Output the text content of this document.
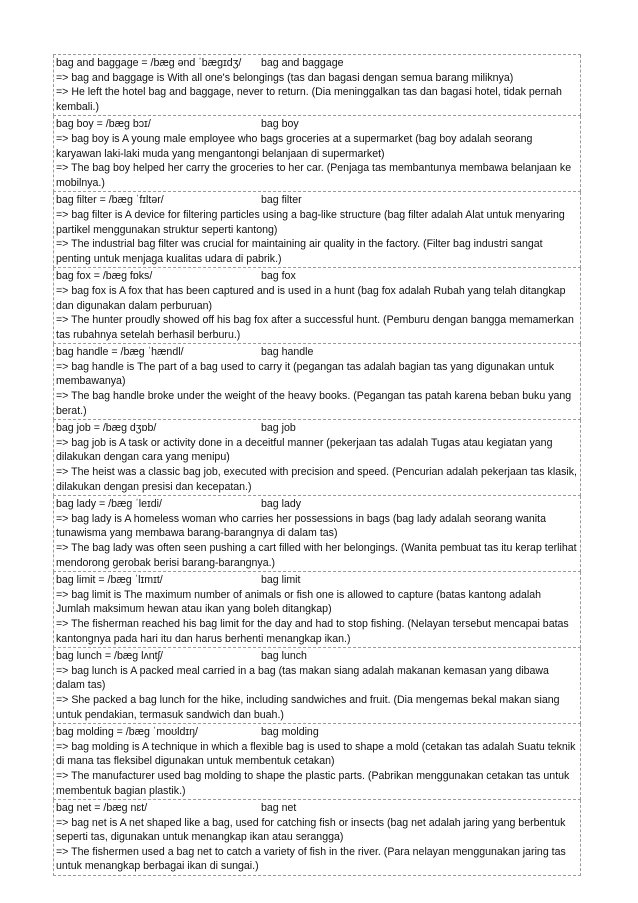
bag and baggage = /bæɡ ənd ˈbæɡɪdʒ/	bag and baggage
=> bag and baggage is With all one's belongings (tas dan bagasi dengan semua barang miliknya)
=> He left the hotel bag and baggage, never to return. (Dia meninggalkan tas dan bagasi hotel, tidak pernah kembali.)
bag boy = /bæɡ bɔɪ/	bag boy
=> bag boy is A young male employee who bags groceries at a supermarket (bag boy adalah seorang karyawan laki-laki muda yang mengantongi belanjaan di supermarket)
=> The bag boy helped her carry the groceries to her car. (Penjaga tas membantunya membawa belanjaan ke mobilnya.)
bag filter = /bæɡ ˈfɪltər/	bag filter
=> bag filter is A device for filtering particles using a bag-like structure (bag filter adalah Alat untuk menyaring partikel menggunakan struktur seperti kantong)
=> The industrial bag filter was crucial for maintaining air quality in the factory. (Filter bag industri sangat penting untuk menjaga kualitas udara di pabrik.)
bag fox = /bæɡ fɒks/	bag fox
=> bag fox is A fox that has been captured and is used in a hunt (bag fox adalah Rubah yang telah ditangkap dan digunakan dalam perburuan)
=> The hunter proudly showed off his bag fox after a successful hunt. (Pemburu dengan bangga memamerkan tas rubahnya setelah berhasil berburu.)
bag handle = /bæɡ ˈhændl/	bag handle
=> bag handle is The part of a bag used to carry it (pegangan tas adalah bagian tas yang digunakan untuk membawanya)
=> The bag handle broke under the weight of the heavy books. (Pegangan tas patah karena beban buku yang berat.)
bag job = /bæɡ dʒɒb/	bag job
=> bag job is A task or activity done in a deceitful manner (pekerjaan tas adalah Tugas atau kegiatan yang dilakukan dengan cara yang menipu)
=> The heist was a classic bag job, executed with precision and speed. (Pencurian adalah pekerjaan tas klasik, dilakukan dengan presisi dan kecepatan.)
bag lady = /bæɡ ˈleɪdi/	bag lady
=> bag lady is A homeless woman who carries her possessions in bags (bag lady adalah seorang wanita tunawisma yang membawa barang-barangnya di dalam tas)
=> The bag lady was often seen pushing a cart filled with her belongings. (Wanita pembuat tas itu kerap terlihat mendorong gerobak berisi barang-barangnya.)
bag limit = /bæɡ ˈlɪmɪt/	bag limit
=> bag limit is The maximum number of animals or fish one is allowed to capture (batas kantong adalah Jumlah maksimum hewan atau ikan yang boleh ditangkap)
=> The fisherman reached his bag limit for the day and had to stop fishing. (Nelayan tersebut mencapai batas kantongnya pada hari itu dan harus berhenti menangkap ikan.)
bag lunch = /bæɡ lʌntʃ/	bag lunch
=> bag lunch is A packed meal carried in a bag (tas makan siang adalah makanan kemasan yang dibawa dalam tas)
=> She packed a bag lunch for the hike, including sandwiches and fruit. (Dia mengemas bekal makan siang untuk pendakian, termasuk sandwich dan buah.)
bag molding = /bæɡ ˈmoʊldɪŋ/	bag molding
=> bag molding is A technique in which a flexible bag is used to shape a mold (cetakan tas adalah Suatu teknik di mana tas fleksibel digunakan untuk membentuk cetakan)
=> The manufacturer used bag molding to shape the plastic parts. (Pabrikan menggunakan cetakan tas untuk membentuk bagian plastik.)
bag net = /bæɡ nɛt/	bag net
=> bag net is A net shaped like a bag, used for catching fish or insects (bag net adalah jaring yang berbentuk seperti tas, digunakan untuk menangkap ikan atau serangga)
=> The fishermen used a bag net to catch a variety of fish in the river. (Para nelayan menggunakan jaring tas untuk menangkap berbagai ikan di sungai.)
